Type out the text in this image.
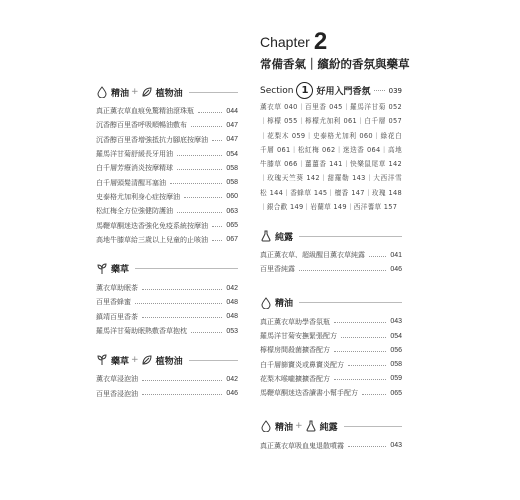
Chapter 2
常備香氣｜繽紛的香氛與藥草
Section 1 好用入門香氛	039
薰衣草 040｜百里香 045｜羅馬洋甘菊 052｜檸檬 055｜檸檬尤加利 061｜白千層 057｜花梨木 059｜史泰格尤加利 060｜綠花白千層 061｜松紅梅 062｜迷迭香 064｜高地牛膝草 066｜薑薑香 141｜快樂鼠尾草 142｜玫瑰天竺葵 142｜甜羅勒 143｜大西洋雪松 144｜香蜂草 145｜檀香 147｜玫瑰 148｜銀合歡 149｜岩蘭草 149｜西洋蓍草 157
精油 + 植物油
真正薰衣草血痕免驚精油滾珠瓶	044
沉香醇百里香呼吸順暢油敷布	047
沉香醇百里香增強抵抗力腳底按摩油	047
羅馬洋甘菊舒緩長牙用油	054
白千層芳療消炎按摩精球	058
白千層頭髮清醒耳塞油	058
史泰格尤加利身心症按摩油	060
松紅梅全方位強健防護油	063
馬鞭草酮迷迭香強化免疫系統按摩油	065
高地牛膝草給三歲以上兒童的止咳油	067
藥草
薰衣草助眠茶	042
百里香蜂蜜	048
鎮靖百里香茶	048
羅馬洋甘菊助眠熱敷香草抱枕	053
藥草 + 植物油
薰衣草浸泡油	042
百里香浸泡油	046
純露
真正薰衣草、超級醒目薰衣草純露	041
百里香純露	046
精油
真正薰衣草助學香氛瓶	043
羅馬洋甘菊安撫緊張配方	054
檸檬房間殺菌擴香配方	056
白千層篩竇炎或鼻竇炎配方	058
花梨木喉嚨擴擴香配方	059
馬鞭草酮迷迭香讀書小幫手配方	065
精油 + 純露
真正薰衣草吸血鬼退散噴霧	043
